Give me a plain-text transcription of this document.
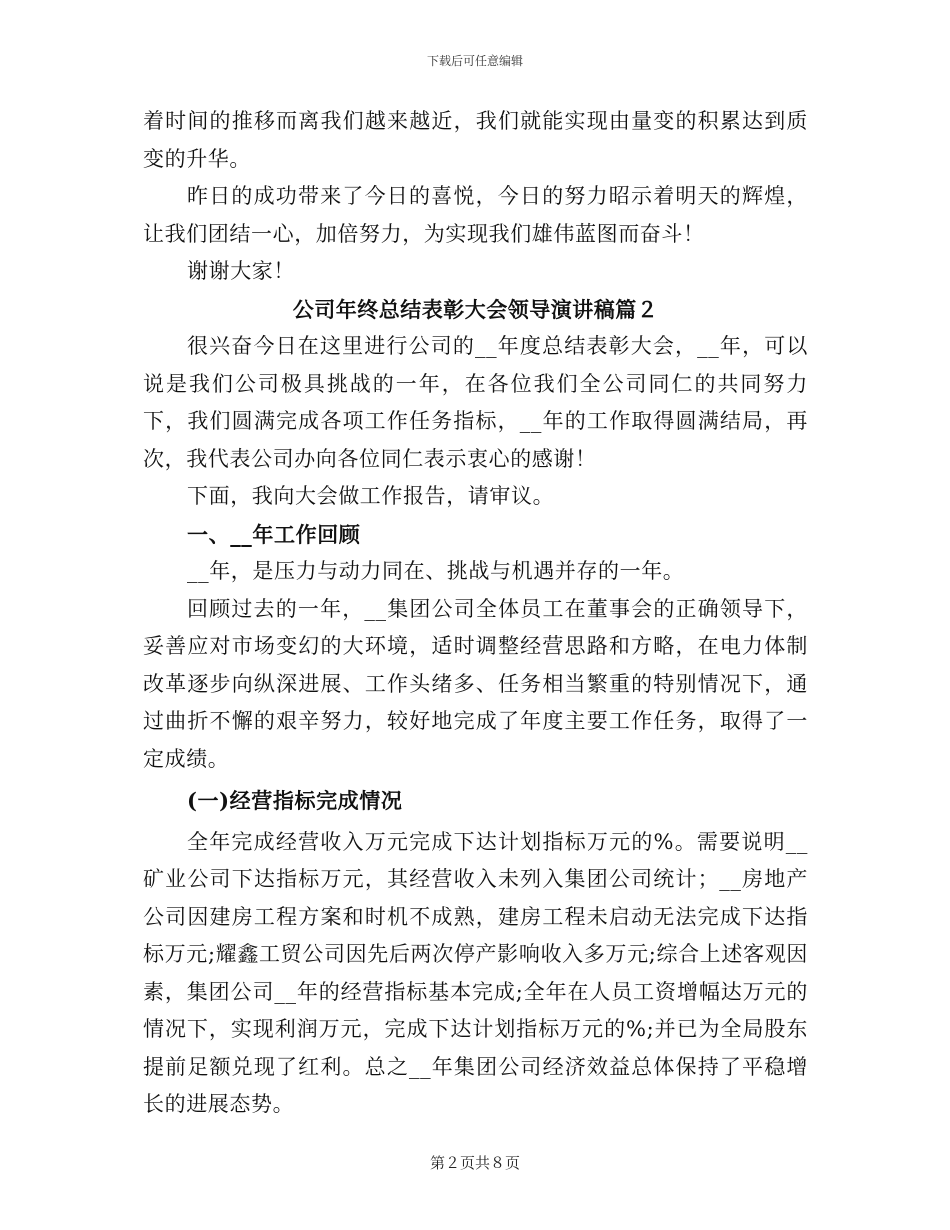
下载后可任意编辑

着时间的推移而离我们越来越近，我们就能实现由量变的积累达到质变的升华。

昨日的成功带来了今日的喜悦，今日的努力昭示着明天的辉煌，让我们团结一心，加倍努力，为实现我们雄伟蓝图而奋斗！

谢谢大家！

公司年终总结表彰大会领导演讲稿篇２

很兴奋今日在这里进行公司的__年度总结表彰大会，__年，可以说是我们公司极具挑战的一年，在各位我们全公司同仁的共同努力下，我们圆满完成各项工作任务指标，__年的工作取得圆满结局，再次，我代表公司办向各位同仁表示衷心的感谢！

下面，我向大会做工作报告，请审议。

一、__年工作回顾

__年，是压力与动力同在、挑战与机遇并存的一年。

回顾过去的一年，__集团公司全体员工在董事会的正确领导下，妥善应对市场变幻的大环境，适时调整经营思路和方略，在电力体制改革逐步向纵深进展、工作头绪多、任务相当繁重的特别情况下，通过曲折不懈的艰辛努力，较好地完成了年度主要工作任务，取得了一定成绩。

(一)经营指标完成情况

全年完成经营收入万元完成下达计划指标万元的%。需要说明__矿业公司下达指标万元，其经营收入未列入集团公司统计；__房地产公司因建房工程方案和时机不成熟，建房工程未启动无法完成下达指标万元;耀鑫工贸公司因先后两次停产影响收入多万元;综合上述客观因素，集团公司__年的经营指标基本完成;全年在人员工资增幅达万元的情况下，实现利润万元，完成下达计划指标万元的%;并已为全局股东提前足额兑现了红利。总之__年集团公司经济效益总体保持了平稳增长的进展态势。

第２页共８页
